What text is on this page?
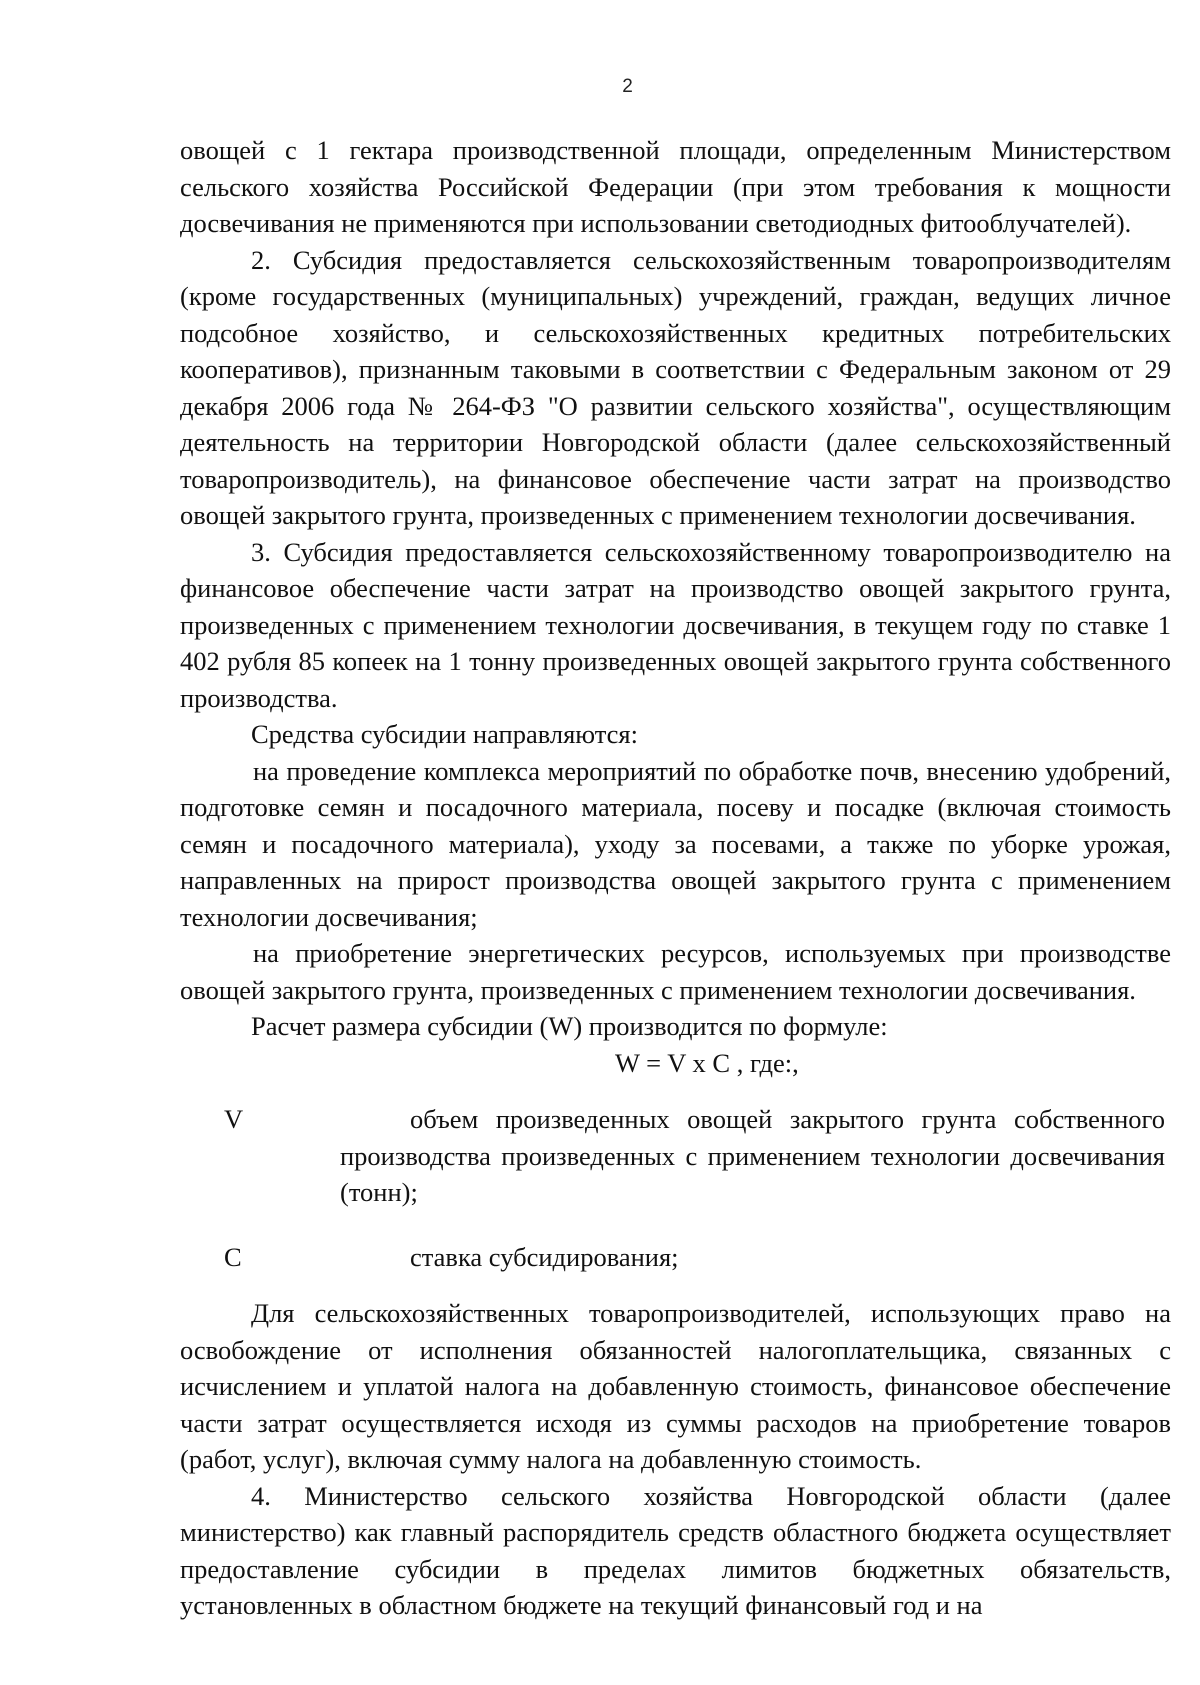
2

овощей с 1 гектара производственной площади, определенным Министерством сельского хозяйства Российской Федерации (при этом требования к мощности досвечивания не применяются при использовании светодиодных фитооблучателей).

2. Субсидия предоставляется сельскохозяйственным товаропроизводителям (кроме государственных (муниципальных) учреждений, граждан, ведущих личное подсобное хозяйство, и сельскохозяйственных кредитных потребительских кооперативов), признанным таковыми в соответствии с Федеральным законом от 29 декабря 2006 года № 264-ФЗ "О развитии сельского хозяйства", осуществляющим деятельность на территории Новгородской области (далее сельскохозяйственный товаропроизводитель), на финансовое обеспечение части затрат на производство овощей закрытого грунта, произведенных с применением технологии досвечивания.

3. Субсидия предоставляется сельскохозяйственному товаропроизводителю на финансовое обеспечение части затрат на производство овощей закрытого грунта, произведенных с применением технологии досвечивания, в текущем году по ставке 1 402 рубля 85 копеек на 1 тонну произведенных овощей закрытого грунта собственного производства.

Средства субсидии направляются:

на проведение комплекса мероприятий по обработке почв, внесению удобрений, подготовке семян и посадочного материала, посеву и посадке (включая стоимость семян и посадочного материала), уходу за посевами, а также по уборке урожая, направленных на прирост производства овощей закрытого грунта с применением технологии досвечивания;

на приобретение энергетических ресурсов, используемых при производстве овощей закрытого грунта, произведенных с применением технологии досвечивания.

Расчет размера субсидии (W) производится по формуле:

W = V x C , где:,

V	объем произведенных овощей закрытого грунта собственного производства произведенных с применением технологии досвечивания (тонн);

C	ставка субсидирования;

Для сельскохозяйственных товаропроизводителей, использующих право на освобождение от исполнения обязанностей налогоплательщика, связанных с исчислением и уплатой налога на добавленную стоимость, финансовое обеспечение части затрат осуществляется исходя из суммы расходов на приобретение товаров (работ, услуг), включая сумму налога на добавленную стоимость.

4. Министерство сельского хозяйства Новгородской области (далее министерство) как главный распорядитель средств областного бюджета осуществляет предоставление субсидии в пределах лимитов бюджетных обязательств, установленных в областном бюджете на текущий финансовый год и на
